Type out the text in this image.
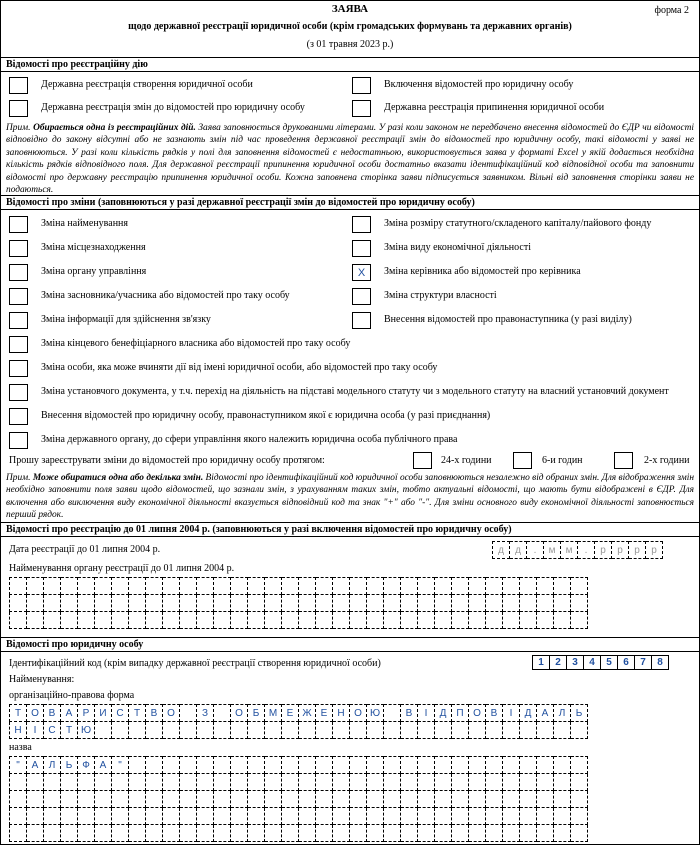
ЗАЯВА	форма 2
щодо державної реєстрації юридичної особи (крім громадських формувань та державних органів)
(з 01 травня 2023 р.)
Відомості про реєстраційну дію
Державна реєстрація створення юридичної особи	Включення відомостей про юридичну особу
Державна реєстрація змін до відомостей про юридичну особу	Державна реєстрація припинення юридичної особи
Прим. Обирається одна із реєстраційних дій. Заява заповнюється друкованими літерами. У разі коли законом не передбачено внесення відомостей до ЄДР чи відомості відповідно до закону відсутні або не зазнають змін під час проведення державної реєстрації змін до відомостей про юридичну особу, такі відомості у заяві не заповнюються. У разі коли кількість рядків у полі для заповнення відомостей є недостатньою, використовується заява у форматі Excel у якій додається необхідна кількість рядків відповідного поля. Для державної реєстрації припинення юридичної особи достатньо вказати ідентифікаційний код відповідної особи та заповнити відомості про державну реєстрацію припинення юридичної особи. Кожна заповнена сторінка заяви підписується заявником. Вільні від заповнення сторінки заяви не подаються.
Відомості про зміни (заповнюються у разі державної реєстрації змін до відомостей про юридичну особу)
Зміна найменування	Зміна розміру статутного/складеного капіталу/пайового фонду
Зміна місцезнаходження	Зміна виду економічної діяльності
Зміна органу управління	Х	Зміна керівника або відомостей про керівника
Зміна засновника/учасника або відомостей про таку особу	Зміна структури власності
Зміна інформації для здійснення зв'язку	Внесення відомостей про правонаступника (у разі виділу)
Зміна кінцевого бенефіціарного власника або відомостей про таку особу
Зміна особи, яка може вчиняти дії від імені юридичної особи, або відомостей про таку особу
Зміна установчого документа, у т.ч. перехід на діяльність на підставі модельного статуту чи з модельного статуту на власний установчий документ
Внесення відомостей про юридичну особу, правонаступником якої є юридична особа (у разі приєднання)
Зміна державного органу, до сфери управління якого належить юридична особа публічного права
Прошу зареєструвати зміни до відомостей про юридичну особу протягом:	24-х години	6-и годин	2-х години
Прим. Може обиратися одна або декілька змін. Відомості про ідентифікаційний код юридичної особи заповнюються незалежно від обраних змін. Для відображення змін необхідно заповнити поля заяви щодо відомостей, що зазнали змін, з урахуванням таких змін, тобто актуальні відомості, що мають бути відображені в ЄДР. Для включення або виключення виду економічної діяльності вказується відповідний код та знак "+" або "-". Для зміни основного виду економічної діяльності заповнюється перший рядок.
Відомості про реєстрацію до 01 липня 2004 р. (заповнюються у разі включення відомостей про юридичну особу)
Дата реєстрації до 01 липня 2004 р.	д	д	.	м	м	.	р	р	р	р
Найменування органу реєстрації до 01 липня 2004 р.

Відомості про юридичну особу
Ідентифікаційний код (крім випадку державної реєстрації створення юридичної особи)	1	2	3	4	5	6	7	8
Найменування:
організаційно-правова форма
Т	О	В	А	Р	И	С	Т	В	О		З		О	Б	М	Е	Ж	Е	Н	О	Ю		В	І	Д	П	О	В	І	Д	А	Л	Ь
Н	І	С	Т	Ю																													
назва
"	А	Л	Ь	Ф	А	"																											
